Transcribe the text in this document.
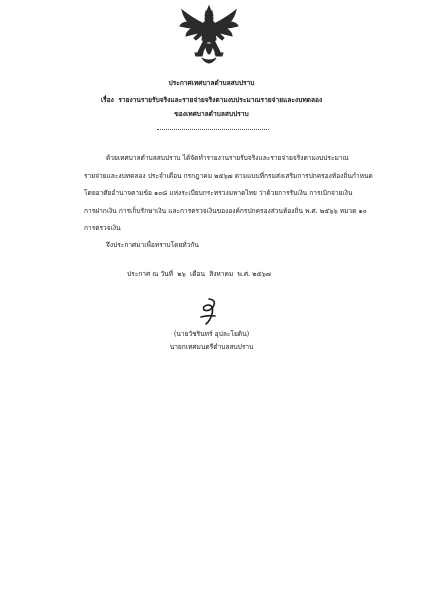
ประกาศเทศบาลตำบลสบปราบ
เรื่อง รายงานรายรับจริงและรายจ่ายจริงตามงบประมาณรายจ่ายและงบทดลอง
ของเทศบาลตำบลสบปราบ
ด้วยเทศบาลตำบลสบปราบ ได้จัดทำรายงานรายรับจริงและรายจ่ายจริงตามงบประมาณ
รายจ่ายและงบทดลอง ประจำเดือน กรกฎาคม ๒๕๖๗ ตามแบบที่กรมส่งเสริมการปกครองท้องถิ่นกำหนด
โดยอาศัยอำนาจตามข้อ ๑๐๘ แห่งระเบียบกระทรวงมหาดไทย ว่าด้วยการรับเงิน การเบิกจ่ายเงิน
การฝากเงิน การเก็บรักษาเงิน และการตรวจเงินขององค์กรปกครองส่วนท้องถิ่น พ.ศ. ๒๕๖๖ หมวด ๑๐
การตรวจเงิน
จึงประกาศมาเพื่อทราบโดยทั่วกัน
ประกาศ ณ วันที่ ๒๖ เดือน สิงหาคม พ.ศ. ๒๕๖๗
(นายวัชรินทร์ อุปละโยดิน)
นายกเทศมนตรีตำบลสบปราบ
